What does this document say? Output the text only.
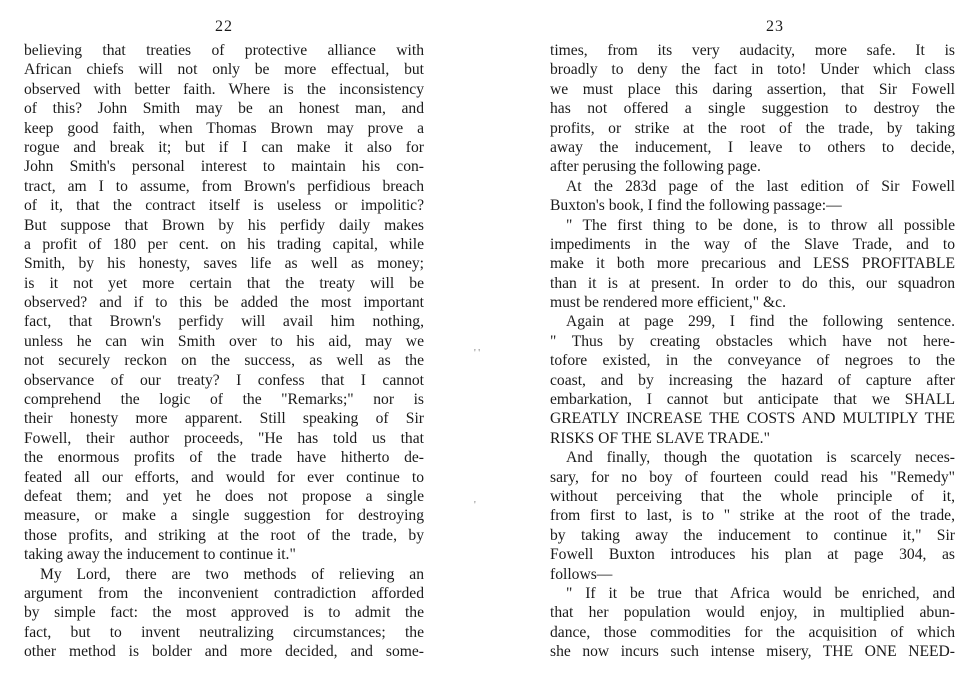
22
believing that treaties of protective alliance with
African chiefs will not only be more effectual, but
observed with better faith. Where is the inconsistency
of this? John Smith may be an honest man, and
keep good faith, when Thomas Brown may prove a
rogue and break it; but if I can make it also for
John Smith's personal interest to maintain his con-
tract, am I to assume, from Brown's perfidious breach
of it, that the contract itself is useless or impolitic?
But suppose that Brown by his perfidy daily makes
a profit of 180 per cent. on his trading capital, while
Smith, by his honesty, saves life as well as money;
is it not yet more certain that the treaty will be
observed? and if to this be added the most important
fact, that Brown's perfidy will avail him nothing,
unless he can win Smith over to his aid, may we
not securely reckon on the success, as well as the
observance of our treaty? I confess that I cannot
comprehend the logic of the "Remarks;" nor is
their honesty more apparent. Still speaking of Sir
Fowell, their author proceeds, "He has told us that
the enormous profits of the trade have hitherto de-
feated all our efforts, and would for ever continue to
defeat them; and yet he does not propose a single
measure, or make a single suggestion for destroying
those profits, and striking at the root of the trade, by
taking away the inducement to continue it."
My Lord, there are two methods of relieving an
argument from the inconvenient contradiction afforded
by simple fact: the most approved is to admit the
fact, but to invent neutralizing circumstances; the
other method is bolder and more decided, and some-
' '
'
23
times, from its very audacity, more safe. It is
broadly to deny the fact in toto! Under which class
we must place this daring assertion, that Sir Fowell
has not offered a single suggestion to destroy the
profits, or strike at the root of the trade, by taking
away the inducement, I leave to others to decide,
after perusing the following page.
At the 283d page of the last edition of Sir Fowell
Buxton's book, I find the following passage:—
" The first thing to be done, is to throw all possible
impediments in the way of the Slave Trade, and to
make it both more precarious and LESS PROFITABLE
than it is at present. In order to do this, our squadron
must be rendered more efficient," &c.
Again at page 299, I find the following sentence.
" Thus by creating obstacles which have not here-
tofore existed, in the conveyance of negroes to the
coast, and by increasing the hazard of capture after
embarkation, I cannot but anticipate that we SHALL
GREATLY INCREASE THE COSTS AND MULTIPLY THE
RISKS OF THE SLAVE TRADE."
And finally, though the quotation is scarcely neces-
sary, for no boy of fourteen could read his "Remedy"
without perceiving that the whole principle of it,
from first to last, is to " strike at the root of the trade,
by taking away the inducement to continue it," Sir
Fowell Buxton introduces his plan at page 304, as
follows—
" If it be true that Africa would be enriched, and
that her population would enjoy, in multiplied abun-
dance, those commodities for the acquisition of which
she now incurs such intense misery, THE ONE NEED-
